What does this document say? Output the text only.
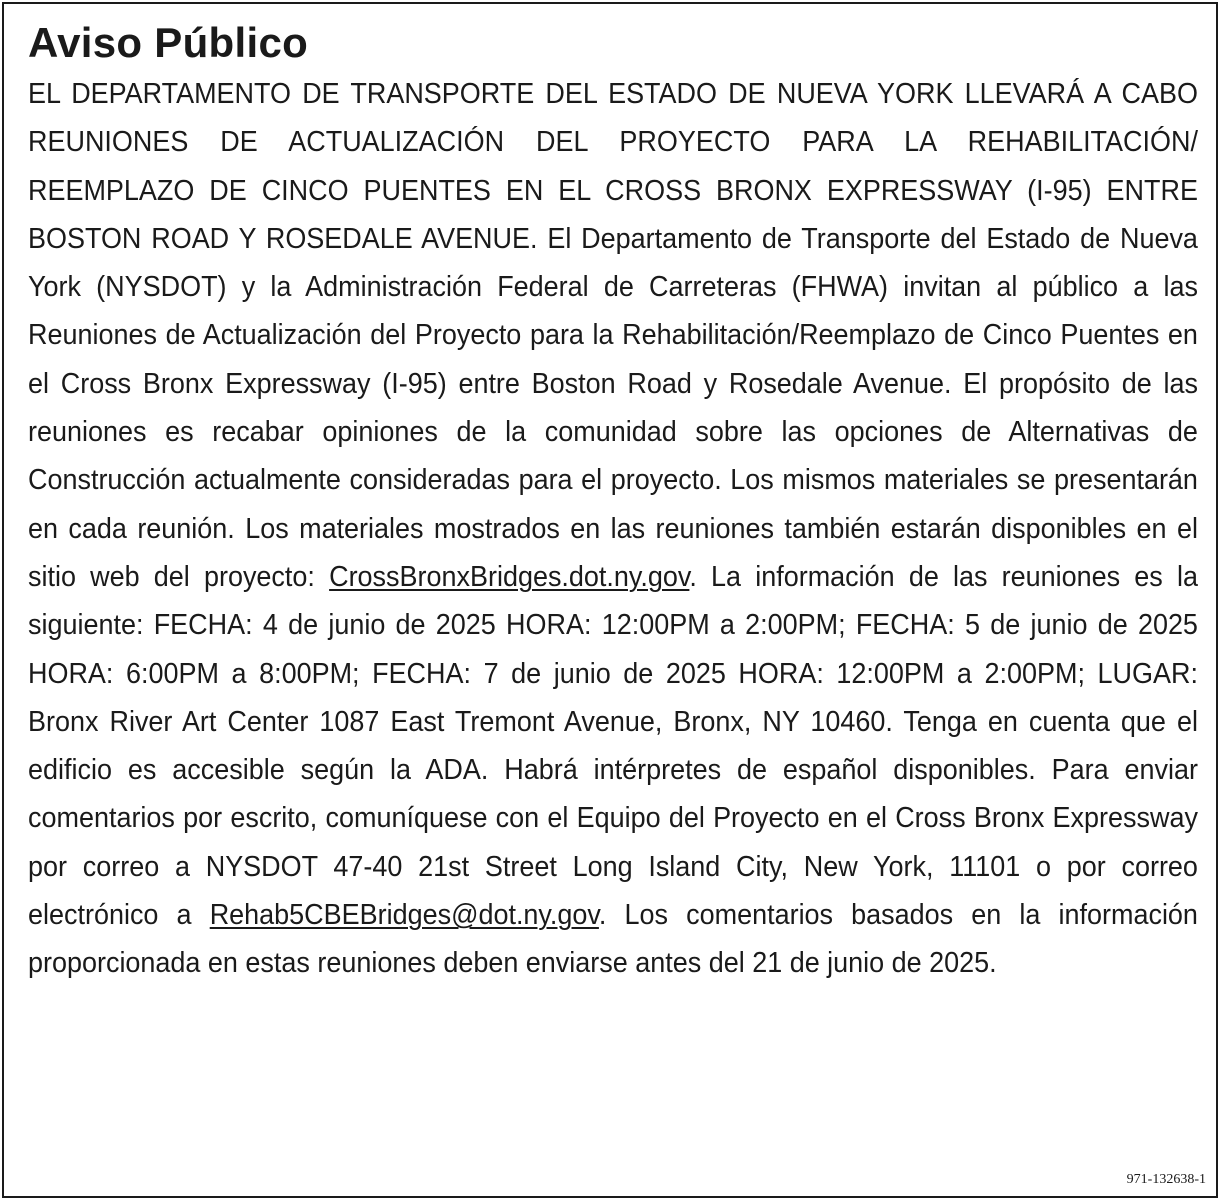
Aviso Público

EL DEPARTAMENTO DE TRANSPORTE DEL ESTADO DE NUEVA YORK LLEVARÁ A CABO REUNIONES DE ACTUALIZACIÓN DEL PROYECTO PARA LA REHABILITACIÓN/ REEMPLAZO DE CINCO PUENTES EN EL CROSS BRONX EXPRESSWAY (I-95) ENTRE BOSTON ROAD Y ROSEDALE AVENUE. El Departamento de Transporte del Estado de Nueva York (NYSDOT) y la Administración Federal de Carreteras (FHWA) invitan al público a las Reuniones de Actualización del Proyecto para la Rehabilitación/Reemplazo de Cinco Puentes en el Cross Bronx Expressway (I-95) entre Boston Road y Rosedale Avenue. El propósito de las reuniones es recabar opiniones de la comunidad sobre las opciones de Alternativas de Construcción actualmente consideradas para el proyecto. Los mismos materiales se presentarán en cada reunión. Los materiales mostrados en las reuniones también estarán disponibles en el sitio web del proyecto: CrossBronxBridges.dot.ny.gov. La información de las reuniones es la siguiente: FECHA: 4 de junio de 2025 HORA: 12:00PM a 2:00PM; FECHA: 5 de junio de 2025 HORA: 6:00PM a 8:00PM; FECHA: 7 de junio de 2025 HORA: 12:00PM a 2:00PM; LUGAR: Bronx River Art Center 1087 East Tremont Avenue, Bronx, NY 10460. Tenga en cuenta que el edificio es accesible según la ADA. Habrá intérpretes de español disponibles. Para enviar comentarios por escrito, comuníquese con el Equipo del Proyecto en el Cross Bronx Expressway por correo a NYSDOT 47-40 21st Street Long Island City, New York, 11101 o por correo electrónico a Rehab5CBEBridges@dot.ny.gov. Los comentarios basados en la información proporcionada en estas reuniones deben enviarse antes del 21 de junio de 2025.

971-132638-1
